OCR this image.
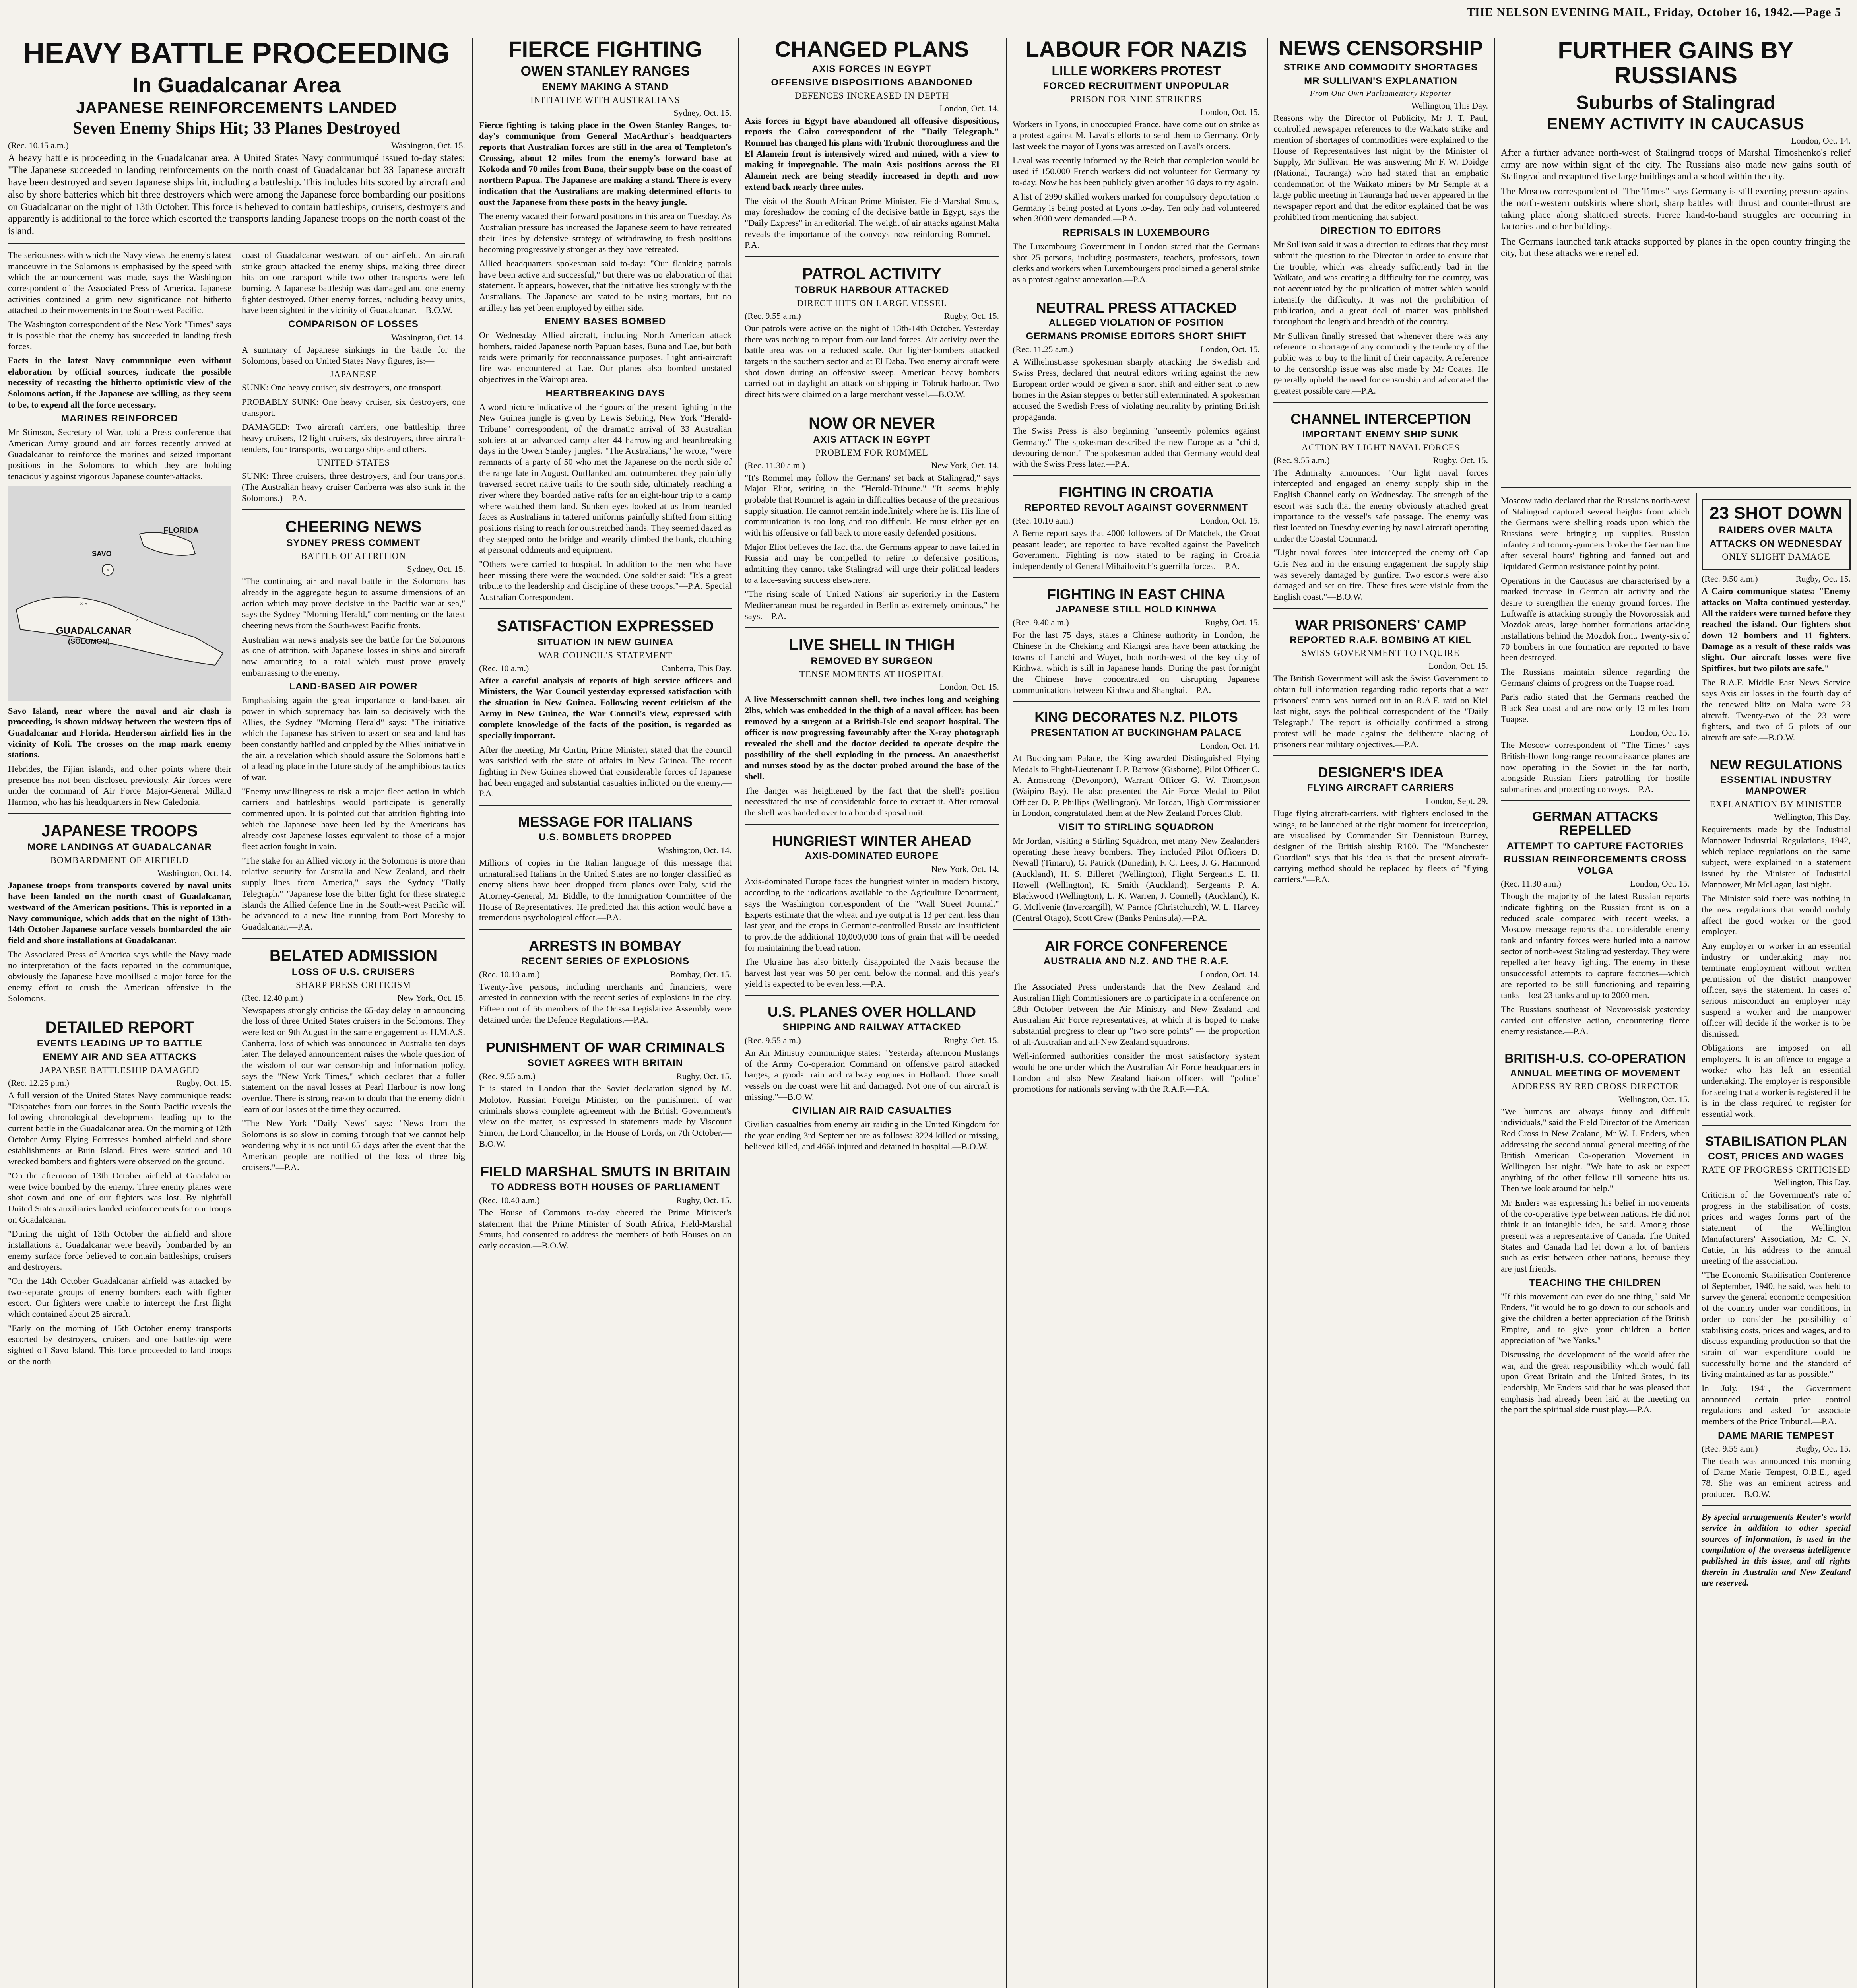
THE NELSON EVENING MAIL, Friday, October 16, 1942.—Page 5
HEAVY BATTLE PROCEEDING
In Guadalcanar Area
JAPANESE REINFORCEMENTS LANDED
Seven Enemy Ships Hit; 33 Planes Destroyed
(Rec. 10.15 a.m.)	Washington, Oct. 15.

A heavy battle is proceeding in the Guadalcanar area. A United States Navy communiqué issued to-day states: "The Japanese succeeded in landing reinforcements on the north coast of Guadalcanar but 33 Japanese aircraft have been destroyed and seven Japanese ships hit, including a battleship. This includes hits scored by aircraft and also by shore batteries which hit three destroyers which were among the Japanese force bombarding our positions on Guadalcanar on the night of 13th October. This force is believed to contain battleships, cruisers, destroyers and apparently is additional to the force which escorted the transports landing Japanese troops on the north coast of the island.

The seriousness with which the Navy views the enemy's latest manoeuvre in the Solomons is emphasised by the speed with which the announcement was made, says the Washington correspondent of the Associated Press of America. Japanese activities contained a grim new significance not hitherto attached to their movements in the South-west Pacific.

The Washington correspondent of the New York "Times" says it is possible that the enemy has succeeded in landing fresh forces.

Facts in the latest Navy communique even without elaboration by official sources, indicate the possible necessity of recasting the hitherto optimistic view of the Solomons action, if the Japanese are willing, as they seem to be, to expend all the force necessary.

MARINES REINFORCED

Mr Stimson, Secretary of War, told a Press conference that American Army ground and air forces recently arrived at Guadalcanar to reinforce the marines and seized important positions in the Solomons to which they are holding tenaciously against vigorous Japanese counter-attacks.

×
× ×
×
GUADALCANAR
(SOLOMON)
FLORIDA
SAVO

Savo Island, near where the naval and air clash is proceeding, is shown midway between the western tips of Guadalcanar and Florida. Henderson airfield lies in the vicinity of Koli. The crosses on the map mark enemy stations.

Hebrides, the Fijian islands, and other points where their presence has not been disclosed previously. Air forces were under the command of Air Force Major-General Millard Harmon, who has his headquarters in New Caledonia.

JAPANESE TROOPS
MORE LANDINGS AT GUADALCANAR
BOMBARDMENT OF AIRFIELD
Washington, Oct. 14.

Japanese troops from transports covered by naval units have been landed on the north coast of Guadalcanar, westward of the American positions. This is reported in a Navy communique, which adds that on the night of 13th-14th October Japanese surface vessels bombarded the air field and shore installations at Guadalcanar.

The Associated Press of America says while the Navy made no interpretation of the facts reported in the communique, obviously the Japanese have mobilised a major force for the enemy effort to crush the American offensive in the Solomons.

DETAILED REPORT
EVENTS LEADING UP TO BATTLE
ENEMY AIR AND SEA ATTACKS
JAPANESE BATTLESHIP DAMAGED
(Rec. 12.25 p.m.)	Rugby, Oct. 15.

A full version of the United States Navy communique reads: "Dispatches from our forces in the South Pacific reveals the following chronological developments leading up to the current battle in the Guadalcanar area. On the morning of 12th October Army Flying Fortresses bombed airfield and shore establishments at Buin Island. Fires were started and 10 wrecked bombers and fighters were observed on the ground.

"On the afternoon of 13th October airfield at Guadalcanar were twice bombed by the enemy. Three enemy planes were shot down and one of our fighters was lost. By nightfall United States auxiliaries landed reinforcements for our troops on Guadalcanar.

"During the night of 13th October the airfield and shore installations at Guadalcanar were heavily bombarded by an enemy surface force believed to contain battleships, cruisers and destroyers.

"On the 14th October Guadalcanar airfield was attacked by two-separate groups of enemy bombers each with fighter escort. Our fighters were unable to intercept the first flight which contained about 25 aircraft.

"Early on the morning of 15th October enemy transports escorted by destroyers, cruisers and one battleship were sighted off Savo Island. This force proceeded to land troops on the north

coast of Guadalcanar westward of our airfield. An aircraft strike group attacked the enemy ships, making three direct hits on one transport while two other transports were left burning. A Japanese battleship was damaged and one enemy fighter destroyed. Other enemy forces, including heavy units, have been sighted in the vicinity of Guadalcanar.—B.O.W.

COMPARISON OF LOSSES
Washington, Oct. 14.

A summary of Japanese sinkings in the battle for the Solomons, based on United States Navy figures, is:—

JAPANESE

SUNK: One heavy cruiser, six destroyers, one transport.

PROBABLY SUNK: One heavy cruiser, six destroyers, one transport.

DAMAGED: Two aircraft carriers, one battleship, three heavy cruisers, 12 light cruisers, six destroyers, three aircraft-tenders, four transports, two cargo ships and others.

UNITED STATES

SUNK: Three cruisers, three destroyers, and four transports. (The Australian heavy cruiser Canberra was also sunk in the Solomons.)—P.A.

CHEERING NEWS
SYDNEY PRESS COMMENT
BATTLE OF ATTRITION
Sydney, Oct. 15.

"The continuing air and naval battle in the Solomons has already in the aggregate begun to assume dimensions of an action which may prove decisive in the Pacific war at sea," says the Sydney "Morning Herald," commenting on the latest cheering news from the South-west Pacific fronts.

Australian war news analysts see the battle for the Solomons as one of attrition, with Japanese losses in ships and aircraft now amounting to a total which must prove gravely embarrassing to the enemy.

LAND-BASED AIR POWER

Emphasising again the great importance of land-based air power in which supremacy has lain so decisively with the Allies, the Sydney "Morning Herald" says: "The initiative which the Japanese has striven to assert on sea and land has been constantly baffled and crippled by the Allies' initiative in the air, a revelation which should assure the Solomons battle of a leading place in the future study of the amphibious tactics of war.

"Enemy unwillingness to risk a major fleet action in which carriers and battleships would participate is generally commented upon. It is pointed out that attrition fighting into which the Japanese have been led by the Americans has already cost Japanese losses equivalent to those of a major fleet action fought in vain.

"The stake for an Allied victory in the Solomons is more than relative security for Australia and New Zealand, and their supply lines from America," says the Sydney "Daily Telegraph." "Japanese lose the bitter fight for these strategic islands the Allied defence line in the South-west Pacific will be advanced to a new line running from Port Moresby to Guadalcanar.—P.A.

BELATED ADMISSION
LOSS OF U.S. CRUISERS
SHARP PRESS CRITICISM
(Rec. 12.40 p.m.)	New York, Oct. 15.

Newspapers strongly criticise the 65-day delay in announcing the loss of three United States cruisers in the Solomons. They were lost on 9th August in the same engagement as H.M.A.S. Canberra, loss of which was announced in Australia ten days later. The delayed announcement raises the whole question of the wisdom of our war censorship and information policy, says the "New York Times," which declares that a fuller statement on the naval losses at Pearl Harbour is now long overdue. There is strong reason to doubt that the enemy didn't learn of our losses at the time they occurred.

"The New York "Daily News" says: "News from the Solomons is so slow in coming through that we cannot help wondering why it is not until 65 days after the event that the American people are notified of the loss of three big cruisers."—P.A.

FIERCE FIGHTING
OWEN STANLEY RANGES
ENEMY MAKING A STAND
INITIATIVE WITH AUSTRALIANS
Sydney, Oct. 15.

Fierce fighting is taking place in the Owen Stanley Ranges, to-day's communique from General MacArthur's headquarters reports that Australian forces are still in the area of Templeton's Crossing, about 12 miles from the enemy's forward base at Kokoda and 70 miles from Buna, their supply base on the coast of northern Papua. The Japanese are making a stand. There is every indication that the Australians are making determined efforts to oust the Japanese from these posts in the heavy jungle.

The enemy vacated their forward positions in this area on Tuesday. As Australian pressure has increased the Japanese seem to have retreated their lines by defensive strategy of withdrawing to fresh positions becoming progressively stronger as they have retreated.

Allied headquarters spokesman said to-day: "Our flanking patrols have been active and successful," but there was no elaboration of that statement. It appears, however, that the initiative lies strongly with the Australians. The Japanese are stated to be using mortars, but no artillery has yet been employed by either side.

ENEMY BASES BOMBED

On Wednesday Allied aircraft, including North American attack bombers, raided Japanese north Papuan bases, Buna and Lae, but both raids were primarily for reconnaissance purposes. Light anti-aircraft fire was encountered at Lae. Our planes also bombed unstated objectives in the Wairopi area.

HEARTBREAKING DAYS

A word picture indicative of the rigours of the present fighting in the New Guinea jungle is given by Lewis Sebring, New York "Herald-Tribune" correspondent, of the dramatic arrival of 33 Australian soldiers at an advanced camp after 44 harrowing and heartbreaking days in the Owen Stanley jungles. "The Australians," he wrote, "were remnants of a party of 50 who met the Japanese on the north side of the range late in August. Outflanked and outnumbered they painfully traversed secret native trails to the south side, ultimately reaching a river where they boarded native rafts for an eight-hour trip to a camp where watched them land. Sunken eyes looked at us from bearded faces as Australians in tattered uniforms painfully shifted from sitting positions rising to reach for outstretched hands. They seemed dazed as they stepped onto the bridge and wearily climbed the bank, clutching at personal oddments and equipment.

"Others were carried to hospital. In addition to the men who have been missing there were the wounded. One soldier said: "It's a great tribute to the leadership and discipline of these troops."—P.A. Special Australian Correspondent.

SATISFACTION EXPRESSED
SITUATION IN NEW GUINEA
WAR COUNCIL'S STATEMENT
(Rec. 10 a.m.)	Canberra, This Day.

After a careful analysis of reports of high service officers and Ministers, the War Council yesterday expressed satisfaction with the situation in New Guinea. Following recent criticism of the Army in New Guinea, the War Council's view, expressed with complete knowledge of the facts of the position, is regarded as specially important.

After the meeting, Mr Curtin, Prime Minister, stated that the council was satisfied with the state of affairs in New Guinea. The recent fighting in New Guinea showed that considerable forces of Japanese had been engaged and substantial casualties inflicted on the enemy.—P.A.

MESSAGE FOR ITALIANS
U.S. BOMBLETS DROPPED
Washington, Oct. 14.

Millions of copies in the Italian language of this message that unnaturalised Italians in the United States are no longer classified as enemy aliens have been dropped from planes over Italy, said the Attorney-General, Mr Biddle, to the Immigration Committee of the House of Representatives. He predicted that this action would have a tremendous psychological effect.—P.A.

ARRESTS IN BOMBAY
RECENT SERIES OF EXPLOSIONS
(Rec. 10.10 a.m.)	Bombay, Oct. 15.

Twenty-five persons, including merchants and financiers, were arrested in connexion with the recent series of explosions in the city. Fifteen out of 56 members of the Orissa Legislative Assembly were detained under the Defence Regulations.—P.A.

PUNISHMENT OF WAR CRIMINALS
SOVIET AGREES WITH BRITAIN
(Rec. 9.55 a.m.)	Rugby, Oct. 15.

It is stated in London that the Soviet declaration signed by M. Molotov, Russian Foreign Minister, on the punishment of war criminals shows complete agreement with the British Government's view on the matter, as expressed in statements made by Viscount Simon, the Lord Chancellor, in the House of Lords, on 7th October.—B.O.W.

FIELD MARSHAL SMUTS IN BRITAIN
TO ADDRESS BOTH HOUSES OF PARLIAMENT
(Rec. 10.40 a.m.)	Rugby, Oct. 15.

The House of Commons to-day cheered the Prime Minister's statement that the Prime Minister of South Africa, Field-Marshal Smuts, had consented to address the members of both Houses on an early occasion.—B.O.W.

CHANGED PLANS
AXIS FORCES IN EGYPT
OFFENSIVE DISPOSITIONS ABANDONED
DEFENCES INCREASED IN DEPTH
London, Oct. 14.

Axis forces in Egypt have abandoned all offensive dispositions, reports the Cairo correspondent of the "Daily Telegraph." Rommel has changed his plans with Trubnic thoroughness and the El Alamein front is intensively wired and mined, with a view to making it impregnable. The main Axis positions across the El Alamein neck are being steadily increased in depth and now extend back nearly three miles.

The visit of the South African Prime Minister, Field-Marshal Smuts, may foreshadow the coming of the decisive battle in Egypt, says the "Daily Express" in an editorial. The weight of air attacks against Malta reveals the importance of the convoys now reinforcing Rommel.—P.A.

PATROL ACTIVITY
TOBRUK HARBOUR ATTACKED
DIRECT HITS ON LARGE VESSEL
(Rec. 9.55 a.m.)	Rugby, Oct. 15.

Our patrols were active on the night of 13th-14th October. Yesterday there was nothing to report from our land forces. Air activity over the battle area was on a reduced scale. Our fighter-bombers attacked targets in the southern sector and at El Daba. Two enemy aircraft were shot down during an offensive sweep. American heavy bombers carried out in daylight an attack on shipping in Tobruk harbour. Two direct hits were claimed on a large merchant vessel.—B.O.W.

NOW OR NEVER
AXIS ATTACK IN EGYPT
PROBLEM FOR ROMMEL
(Rec. 11.30 a.m.)	New York, Oct. 14.

"It's Rommel may follow the Germans' set back at Stalingrad," says Major Eliot, writing in the "Herald-Tribune." "It seems highly probable that Rommel is again in difficulties because of the precarious supply situation. He cannot remain indefinitely where he is. His line of communication is too long and too difficult. He must either get on with his offensive or fall back to more easily defended positions.

Major Eliot believes the fact that the Germans appear to have failed in Russia and may be compelled to retire to defensive positions, admitting they cannot take Stalingrad will urge their political leaders to a face-saving success elsewhere.

"The rising scale of United Nations' air superiority in the Eastern Mediterranean must be regarded in Berlin as extremely ominous," he says.—P.A.

LIVE SHELL IN THIGH
REMOVED BY SURGEON
TENSE MOMENTS AT HOSPITAL
London, Oct. 15.

A live Messerschmitt cannon shell, two inches long and weighing 2lbs, which was embedded in the thigh of a naval officer, has been removed by a surgeon at a British-Isle end seaport hospital. The officer is now progressing favourably after the X-ray photograph revealed the shell and the doctor decided to operate despite the possibility of the shell exploding in the process. An anaesthetist and nurses stood by as the doctor probed around the base of the shell.

The danger was heightened by the fact that the shell's position necessitated the use of considerable force to extract it. After removal the shell was handed over to a bomb disposal unit.

HUNGRIEST WINTER AHEAD
AXIS-DOMINATED EUROPE
New York, Oct. 14.

Axis-dominated Europe faces the hungriest winter in modern history, according to the indications available to the Agriculture Department, says the Washington correspondent of the "Wall Street Journal." Experts estimate that the wheat and rye output is 13 per cent. less than last year, and the crops in Germanic-controlled Russia are insufficient to provide the additional 10,000,000 tons of grain that will be needed for maintaining the bread ration.

The Ukraine has also bitterly disappointed the Nazis because the harvest last year was 50 per cent. below the normal, and this year's yield is expected to be even less.—P.A.

U.S. PLANES OVER HOLLAND
SHIPPING AND RAILWAY ATTACKED
(Rec. 9.55 a.m.)	Rugby, Oct. 15.

An Air Ministry communique states: "Yesterday afternoon Mustangs of the Army Co-operation Command on offensive patrol attacked barges, a goods train and railway engines in Holland. Three small vessels on the coast were hit and damaged. Not one of our aircraft is missing."—B.O.W.

CIVILIAN AIR RAID CASUALTIES

Civilian casualties from enemy air raiding in the United Kingdom for the year ending 3rd September are as follows: 3224 killed or missing, believed killed, and 4666 injured and detained in hospital.—B.O.W.

LABOUR FOR NAZIS
LILLE WORKERS PROTEST
FORCED RECRUITMENT UNPOPULAR
PRISON FOR NINE STRIKERS
London, Oct. 15.

Workers in Lyons, in unoccupied France, have come out on strike as a protest against M. Laval's efforts to send them to Germany. Only last week the mayor of Lyons was arrested on Laval's orders.

Laval was recently informed by the Reich that completion would be used if 150,000 French workers did not volunteer for Germany by to-day. Now he has been publicly given another 16 days to try again.

A list of 2990 skilled workers marked for compulsory deportation to Germany is being posted at Lyons to-day. Ten only had volunteered when 3000 were demanded.—P.A.

REPRISALS IN LUXEMBOURG

The Luxembourg Government in London stated that the Germans shot 25 persons, including postmasters, teachers, professors, town clerks and workers when Luxembourgers proclaimed a general strike as a protest against annexation.—P.A.

NEUTRAL PRESS ATTACKED
ALLEGED VIOLATION OF POSITION
GERMANS PROMISE EDITORS SHORT SHIFT
(Rec. 11.25 a.m.)	London, Oct. 15.

A Wilhelmstrasse spokesman sharply attacking the Swedish and Swiss Press, declared that neutral editors writing against the new European order would be given a short shift and either sent to new homes in the Asian steppes or better still exterminated. A spokesman accused the Swedish Press of violating neutrality by printing British propaganda.

The Swiss Press is also beginning "unseemly polemics against Germany." The spokesman described the new Europe as a "child, devouring demon." The spokesman added that Germany would deal with the Swiss Press later.—P.A.

FIGHTING IN CROATIA
REPORTED REVOLT AGAINST GOVERNMENT
(Rec. 10.10 a.m.)	London, Oct. 15.

A Berne report says that 4000 followers of Dr Matchek, the Croat peasant leader, are reported to have revolted against the Pavelitch Government. Fighting is now stated to be raging in Croatia independently of General Mihailovitch's guerrilla forces.—P.A.

FIGHTING IN EAST CHINA
JAPANESE STILL HOLD KINHWA
(Rec. 9.40 a.m.)	Rugby, Oct. 15.

For the last 75 days, states a Chinese authority in London, the Chinese in the Chekiang and Kiangsi area have been attacking the towns of Lanchi and Wuyet, both north-west of the key city of Kinhwa, which is still in Japanese hands. During the past fortnight the Chinese have concentrated on disrupting Japanese communications between Kinhwa and Shanghai.—P.A.

KING DECORATES N.Z. PILOTS
PRESENTATION AT BUCKINGHAM PALACE
London, Oct. 14.

At Buckingham Palace, the King awarded Distinguished Flying Medals to Flight-Lieutenant J. P. Barrow (Gisborne), Pilot Officer C. A. Armstrong (Devonport), Warrant Officer G. W. Thompson (Waipiro Bay). He also presented the Air Force Medal to Pilot Officer D. P. Phillips (Wellington). Mr Jordan, High Commissioner in London, congratulated them at the New Zealand Forces Club.

VISIT TO STIRLING SQUADRON

Mr Jordan, visiting a Stirling Squadron, met many New Zealanders operating these heavy bombers. They included Pilot Officers D. Newall (Timaru), G. Patrick (Dunedin), F. C. Lees, J. G. Hammond (Auckland), H. S. Billeret (Wellington), Flight Sergeants E. H. Howell (Wellington), K. Smith (Auckland), Sergeants P. A. Blackwood (Wellington), L. K. Warren, J. Connelly (Auckland), K. G. McIlvenie (Invercargill), W. Parnce (Christchurch), W. L. Harvey (Central Otago), Scott Crew (Banks Peninsula).—P.A.

AIR FORCE CONFERENCE
AUSTRALIA AND N.Z. AND THE R.A.F.
London, Oct. 14.

The Associated Press understands that the New Zealand and Australian High Commissioners are to participate in a conference on 18th October between the Air Ministry and New Zealand and Australian Air Force representatives, at which it is hoped to make substantial progress to clear up "two sore points" — the proportion of all-Australian and all-New Zealand squadrons.

Well-informed authorities consider the most satisfactory system would be one under which the Australian Air Force headquarters in London and also New Zealand liaison officers will "police" promotions for nationals serving with the R.A.F.—P.A.

NEWS CENSORSHIP
STRIKE AND COMMODITY SHORTAGES
MR SULLIVAN'S EXPLANATION
From Our Own Parliamentary Reporter
Wellington, This Day.

Reasons why the Director of Publicity, Mr J. T. Paul, controlled newspaper references to the Waikato strike and mention of shortages of commodities were explained to the House of Representatives last night by the Minister of Supply, Mr Sullivan. He was answering Mr F. W. Doidge (National, Tauranga) who had stated that an emphatic condemnation of the Waikato miners by Mr Semple at a large public meeting in Tauranga had never appeared in the newspaper report and that the editor explained that he was prohibited from mentioning that subject.

DIRECTION TO EDITORS

Mr Sullivan said it was a direction to editors that they must submit the question to the Director in order to ensure that the trouble, which was already sufficiently bad in the Waikato, and was creating a difficulty for the country, was not accentuated by the publication of matter which would intensify the difficulty. It was not the prohibition of publication, and a great deal of matter was published throughout the length and breadth of the country.

Mr Sullivan finally stressed that whenever there was any reference to shortage of any commodity the tendency of the public was to buy to the limit of their capacity. A reference to the censorship issue was also made by Mr Coates. He generally upheld the need for censorship and advocated the greatest possible care.—P.A.

CHANNEL INTERCEPTION
IMPORTANT ENEMY SHIP SUNK
ACTION BY LIGHT NAVAL FORCES
(Rec. 9.55 a.m.)	Rugby, Oct. 15.

The Admiralty announces: "Our light naval forces intercepted and engaged an enemy supply ship in the English Channel early on Wednesday. The strength of the escort was such that the enemy obviously attached great importance to the vessel's safe passage. The enemy was first located on Tuesday evening by naval aircraft operating under the Coastal Command.

"Light naval forces later intercepted the enemy off Cap Gris Nez and in the ensuing engagement the supply ship was severely damaged by gunfire. Two escorts were also damaged and set on fire. These fires were visible from the English coast."—B.O.W.

WAR PRISONERS' CAMP
REPORTED R.A.F. BOMBING AT KIEL
SWISS GOVERNMENT TO INQUIRE
London, Oct. 15.

The British Government will ask the Swiss Government to obtain full information regarding radio reports that a war prisoners' camp was burned out in an R.A.F. raid on Kiel last night, says the political correspondent of the "Daily Telegraph." The report is officially confirmed a strong protest will be made against the deliberate placing of prisoners near military objectives.—P.A.

DESIGNER'S IDEA
FLYING AIRCRAFT CARRIERS
London, Sept. 29.

Huge flying aircraft-carriers, with fighters enclosed in the wings, to be launched at the right moment for interception, are visualised by Commander Sir Dennistoun Burney, designer of the British airship R100. The "Manchester Guardian" says that his idea is that the present aircraft-carrying method should be replaced by fleets of "flying carriers."—P.A.

FURTHER GAINS BY RUSSIANS
Suburbs of Stalingrad
ENEMY ACTIVITY IN CAUCASUS
London, Oct. 14.

After a further advance north-west of Stalingrad troops of Marshal Timoshenko's relief army are now within sight of the city. The Russians also made new gains south of Stalingrad and recaptured five large buildings and a school within the city.

The Moscow correspondent of "The Times" says Germany is still exerting pressure against the north-western outskirts where short, sharp battles with thrust and counter-thrust are taking place along shattered streets. Fierce hand-to-hand struggles are occurring in factories and other buildings.

The Germans launched tank attacks supported by planes in the open country fringing the city, but these attacks were repelled.

Moscow radio declared that the Russians north-west of Stalingrad captured several heights from which the Germans were shelling roads upon which the Russians were bringing up supplies. Russian infantry and tommy-gunners broke the German line after several hours' fighting and fanned out and liquidated German resistance point by point.

Operations in the Caucasus are characterised by a marked increase in German air activity and the desire to strengthen the enemy ground forces. The Luftwaffe is attacking strongly the Novorossisk and Mozdok areas, large bomber formations attacking installations behind the Mozdok front. Twenty-six of 70 bombers in one formation are reported to have been destroyed.

The Russians maintain silence regarding the Germans' claims of progress on the Tuapse road.

Paris radio stated that the Germans reached the Black Sea coast and are now only 12 miles from Tuapse.

London, Oct. 15.

The Moscow correspondent of "The Times" says British-flown long-range reconnaissance planes are now operating in the Soviet in the far north, alongside Russian fliers patrolling for hostile submarines and protecting convoys.—P.A.

GERMAN ATTACKS REPELLED
ATTEMPT TO CAPTURE FACTORIES
RUSSIAN REINFORCEMENTS CROSS VOLGA
(Rec. 11.30 a.m.)	London, Oct. 15.

Though the majority of the latest Russian reports indicate fighting on the Russian front is on a reduced scale compared with recent weeks, a Moscow message reports that considerable enemy tank and infantry forces were hurled into a narrow sector of north-west Stalingrad yesterday. They were repelled after heavy fighting. The enemy in these unsuccessful attempts to capture factories—which are reported to be still functioning and repairing tanks—lost 23 tanks and up to 2000 men.

The Russians southeast of Novorossisk yesterday carried out offensive action, encountering fierce enemy resistance.—P.A.

BRITISH-U.S. CO-OPERATION
ANNUAL MEETING OF MOVEMENT
ADDRESS BY RED CROSS DIRECTOR
Wellington, Oct. 15.

"We humans are always funny and difficult individuals," said the Field Director of the American Red Cross in New Zealand, Mr W. J. Enders, when addressing the second annual general meeting of the British American Co-operation Movement in Wellington last night. "We hate to ask or expect anything of the other fellow till someone hits us. Then we look around for help."

Mr Enders was expressing his belief in movements of the co-operative type between nations. He did not think it an intangible idea, he said. Among those present was a representative of Canada. The United States and Canada had let down a lot of barriers such as exist between other nations, because they are just friends.

TEACHING THE CHILDREN

"If this movement can ever do one thing," said Mr Enders, "it would be to go down to our schools and give the children a better appreciation of the British Empire, and to give your children a better appreciation of "we Yanks."

Discussing the development of the world after the war, and the great responsibility which would fall upon Great Britain and the United States, in its leadership, Mr Enders said that he was pleased that emphasis had already been laid at the meeting on the part the spiritual side must play.—P.A.

23 SHOT DOWN
RAIDERS OVER MALTA
ATTACKS ON WEDNESDAY
ONLY SLIGHT DAMAGE
(Rec. 9.50 a.m.)	Rugby, Oct. 15.

A Cairo communique states: "Enemy attacks on Malta continued yesterday. All the raiders were turned before they reached the island. Our fighters shot down 12 bombers and 11 fighters. Damage as a result of these raids was slight. Our aircraft losses were five Spitfires, but two pilots are safe."

The R.A.F. Middle East News Service says Axis air losses in the fourth day of the renewed blitz on Malta were 23 aircraft. Twenty-two of the 23 were fighters, and two of 5 pilots of our aircraft are safe.—B.O.W.

NEW REGULATIONS
ESSENTIAL INDUSTRY MANPOWER
EXPLANATION BY MINISTER
Wellington, This Day.

Requirements made by the Industrial Manpower Industrial Regulations, 1942, which replace regulations on the same subject, were explained in a statement issued by the Minister of Industrial Manpower, Mr McLagan, last night.

The Minister said there was nothing in the new regulations that would unduly affect the good worker or the good employer.

Any employer or worker in an essential industry or undertaking may not terminate employment without written permission of the district manpower officer, says the statement. In cases of serious misconduct an employer may suspend a worker and the manpower officer will decide if the worker is to be dismissed.

Obligations are imposed on all employers. It is an offence to engage a worker who has left an essential undertaking. The employer is responsible for seeing that a worker is registered if he is in the class required to register for essential work.

STABILISATION PLAN
COST, PRICES AND WAGES
RATE OF PROGRESS CRITICISED
Wellington, This Day.

Criticism of the Government's rate of progress in the stabilisation of costs, prices and wages forms part of the statement of the Wellington Manufacturers' Association, Mr C. N. Cattie, in his address to the annual meeting of the association.

"The Economic Stabilisation Conference of September, 1940, he said, was held to survey the general economic composition of the country under war conditions, in order to consider the possibility of stabilising costs, prices and wages, and to discuss expanding production so that the strain of war expenditure could be successfully borne and the standard of living maintained as far as possible."

In July, 1941, the Government announced certain price control regulations and asked for associate members of the Price Tribunal.—P.A.

DAME MARIE TEMPEST
(Rec. 9.55 a.m.)	Rugby, Oct. 15.

The death was announced this morning of Dame Marie Tempest, O.B.E., aged 78. She was an eminent actress and producer.—B.O.W.

By special arrangements Reuter's world service in addition to other special sources of information, is used in the compilation of the overseas intelligence published in this issue, and all rights therein in Australia and New Zealand are reserved.
